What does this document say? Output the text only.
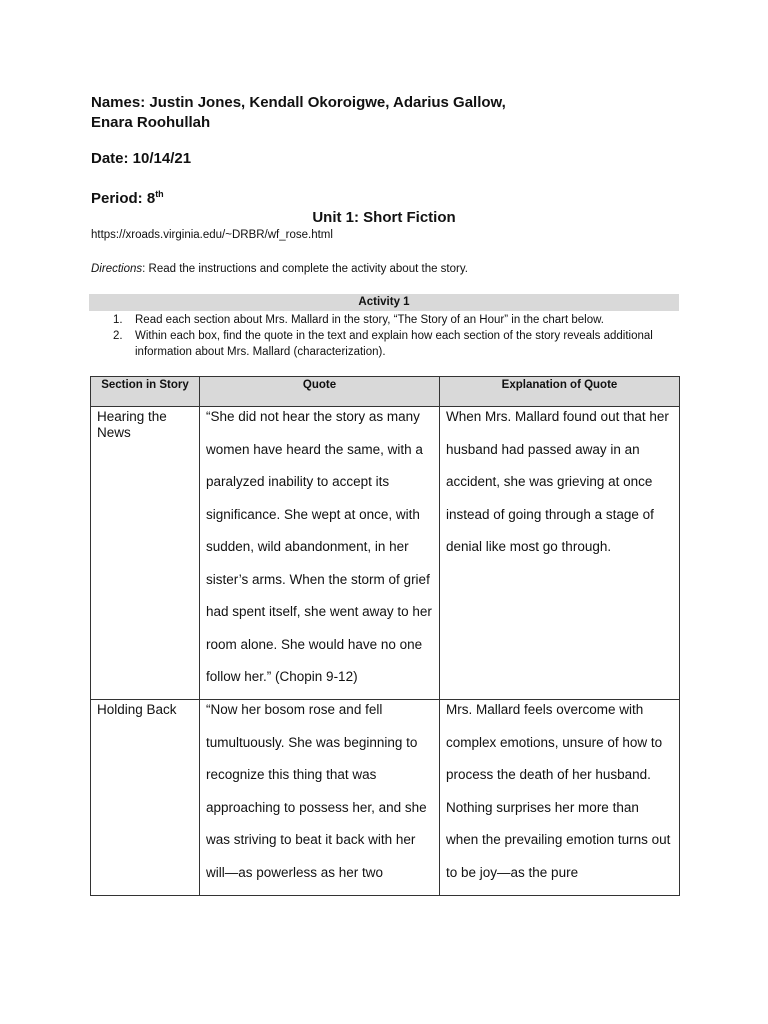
Names: Justin Jones, Kendall Okoroigwe, Adarius Gallow,
Enara Roohullah
Date: 10/14/21
Period: 8th
Unit 1: Short Fiction
https://xroads.virginia.edu/~DRBR/wf_rose.html
Directions: Read the instructions and complete the activity about the story.
Activity 1
1. Read each section about Mrs. Mallard in the story, “The Story of an Hour” in the chart below.
2. Within each box, find the quote in the text and explain how each section of the story reveals additional information about Mrs. Mallard (characterization).
Section in Story	Quote	Explanation of Quote
Hearing the News	“She did not hear the story as many women have heard the same, with a paralyzed inability to accept its significance. She wept at once, with sudden, wild abandonment, in her sister’s arms. When the storm of grief had spent itself, she went away to her room alone. She would have no one follow her.” (Chopin 9-12)	When Mrs. Mallard found out that her husband had passed away in an accident, she was grieving at once instead of going through a stage of denial like most go through.

Holding Back	“Now her bosom rose and fell tumultuously. She was beginning to recognize this thing that was approaching to possess her, and she was striving to beat it back with her will—as powerless as her two	Mrs. Mallard feels overcome with complex emotions, unsure of how to process the death of her husband. Nothing surprises her more than when the prevailing emotion turns out to be joy—as the pure
